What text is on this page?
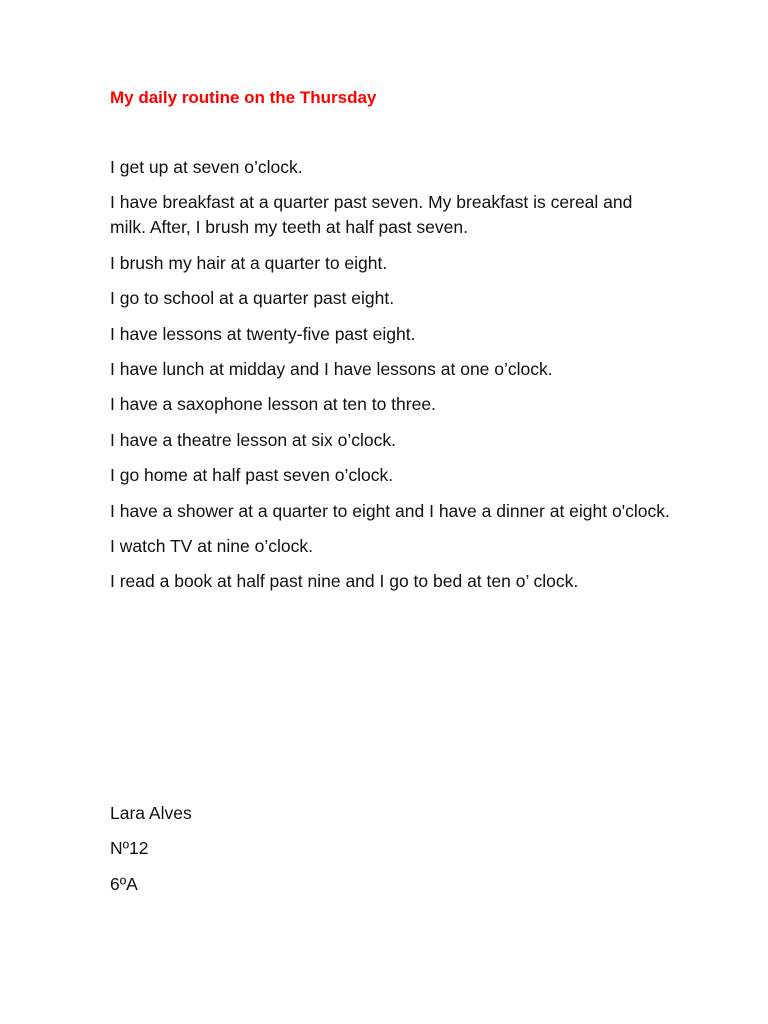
My daily routine on the Thursday

I get up at seven o’clock.

I have breakfast at a quarter past seven. My breakfast is cereal and milk. After, I brush my teeth at half past seven.

I brush my hair at a quarter to eight.

I go to school at a quarter past eight.

I have lessons at twenty-five past eight.

I have lunch at midday and I have lessons at one o’clock.

I have a saxophone lesson at ten to three.

I have a theatre lesson at six o’clock.

I go home at half past seven o’clock.

I have a shower at a quarter to eight and I have a dinner at eight o'clock.

I watch TV at nine o’clock.

I read a book at half past nine and I go to bed at ten o’ clock.

Lara Alves

Nº12

6ºA
